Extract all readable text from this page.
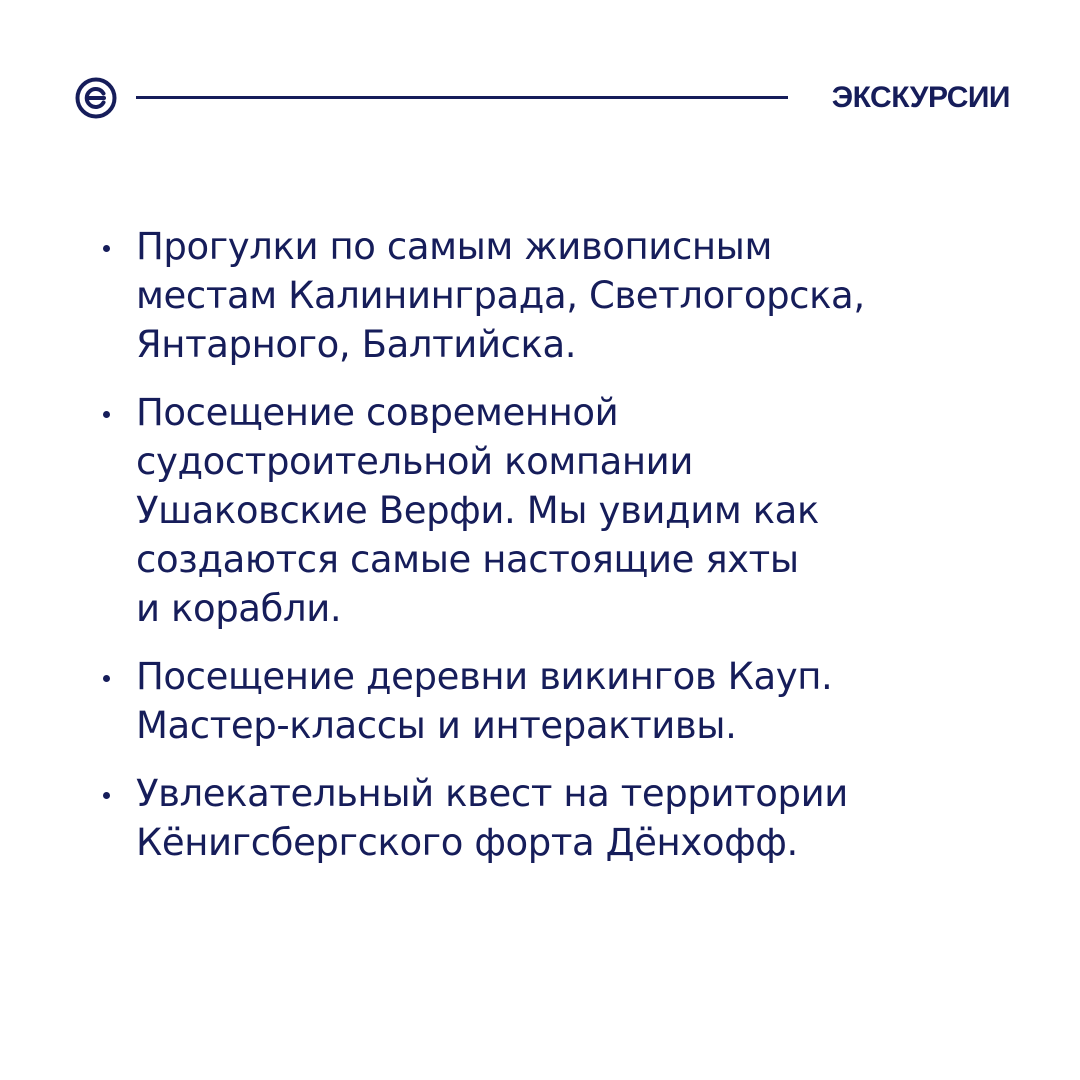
ЭКСКУРСИИ
Прогулки по самым живописным
местам Калининграда, Светлогорска,
Янтарного, Балтийска.
Посещение современной
судостроительной компании
Ушаковские Верфи. Мы увидим как
создаются самые настоящие яхты
и корабли.
Посещение деревни викингов Кауп.
Мастер-классы и интерактивы.
Увлекательный квест на территории
Кёнигсбергского форта Дёнхофф.
